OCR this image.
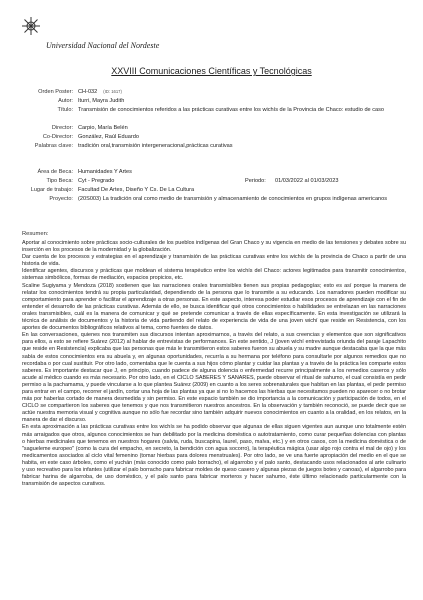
Universidad Nacional del Nordeste
XXVIII Comunicaciones Científicas y Tecnológicas
Orden Poster: CH-032 (ID: 1617)
Autor: Iturri, Mayra Judith
Título: Transmisión de conocimientos referidos a las prácticas curativas entre los wichís de la Provincia de Chaco: estudio de caso
Director: Carpio, María Belén
Co-Director: González, Raúl Eduardo
Palabras clave: tradición oral,transmisión intergeneracional,prácticas curativas
Área de Beca: Humanidades Y Artes
Tipo Beca: Cyt - Pregrado	Periodo: 01/03/2022 al 01/03/2023
Lugar de trabajo: Facultad De Artes, Diseño Y Cs. De La Cultura
Proyecto: (20S003) La tradición oral como medio de transmisión y almacenamiento de conocimientos en grupos indígenas americanos
Resumen:

Aportar al conocimiento sobre prácticas socio-culturales de los pueblos indígenas del Gran Chaco y su vigencia en medio de las tensiones y debates sobre su inserción en los procesos de la modernidad y la globalización.

Dar cuenta de los procesos y estrategias en el aprendizaje y transmisión de las prácticas curativas entre los wichís de la provincia de Chaco a partir de una historia de vida.

Identificar agentes, discursos y prácticas que moldean el sistema terapéutico entre los wichís del Chaco: actores legitimados para transmitir conocimientos, sistemas simbólicos, formas de mediación, espacios propicios, etc.

Scaline Sugiyama y Mendoza (2018) sostienen que las narraciones orales transmisibles tienen sus propias pedagogías; esto es así porque la manera de relatar los conocimientos tendrá su propia particularidad, dependiendo de la persona que lo transmite a su educando. Los narradores pueden modificar su comportamiento para aprender o facilitar el aprendizaje a otras personas. En este aspecto, interesa poder estudiar esos procesos de aprendizaje con el fin de entender el desarrollo de las prácticas curativas. Además de ello, se busca identificar qué otros conocimientos o habilidades se entrelazan en las narraciones orales transmisibles, cuál es la manera de comunicar y qué se pretende comunicar a través de ellas específicamente. En esta investigación se utilizará la técnica de análisis de documentos y la historia de vida partiendo del relato de experiencia de vida de una joven wichí que reside en Resistencia, con los aportes de documentos bibliográficos relativos al tema, como fuentes de datos.

En las conversaciones, quienes nos transmiten sus discursos intentan aproximarnos, a través del relato, a sus creencias y elementos que son significativos para ellos, a esto se refiere Suárez (2012) al hablar de entrevistas de performances. En este sentido, J (joven wichí entrevistada oriunda del paraje Lapachito que reside en Resistencia) explicaba que las personas que más le transmitieron estos saberes fueron su abuela y su madre aunque destacaba que la que más sabía de estos conocimientos era su abuela y, en algunas oportunidades, recurría a su hermana por teléfono para consultarle por algunos remedios que no recordaba o por cual sustituir. Por otro lado, comentaba que le cuenta a sus hijos cómo plantar y cuidar las plantas y a través de la práctica les comparte estos saberes. Es importante destacar que J, en principio, cuando padece de alguna dolencia o enfermedad recurre principalmente a los remedios caseros y sólo acude al médico cuando es más necesario. Por otro lado, en el CICLO SABERES Y SANARES, puede observar el ritual de sahumo, el cual consistía en pedir permiso a la pachamama, y puede vincularse a lo que plantea Suárez (2009) en cuanto a los seres sobrenaturales que habitan en las plantas, el pedir permiso para entrar en el campo, recorrer el jardín, cortar una hoja de las plantas ya que si no lo hacemos las hierbas que necesitamos pueden no aparecer o no brotar más por haberlas cortado de manera desmedida y sin permiso. En este espacio también se dio importancia a la comunicación y participación de todos, en el CICLO se compartieron los saberes que tenemos y que nos transmitieron nuestros ancestros. En la observación y también reconoció, se puede decir que se actúe nuestra memoria visual y cognitiva aunque no sólo fue recordar sino también adquirir nuevos conocimientos en cuanto a la oralidad, en los relatos, en la manera de dar el discurso.

En esta aproximación a las prácticas curativas entre los wichís se ha podido observar que algunas de ellas siguen vigentes aun aunque uno totalmente estén más arraigados que otros, algunos conocimientos se han debilitado por la medicina doméstica o autotratamiento, como curar pequeñas dolencias con plantas o hierbas medicinales que tenemos en nuestros hogares (salvia, ruda, buscapina, laurel, paso, malva, etc.) y en otros casos, con la medicina doméstica o de "sagueleme europeo" (como la cura del empacho, en secreto, la bendición con agua socorro), la terapéutica mágica (usar algo rojo contra el mal de ojo) y los medicamentos asociados al ciclo vital femenino (tomar hierbas para dolores menstruales). Por otro lado, se ve una fuerte apropiación del medio en el que se habita, en este caso árboles, como el yuchán (más conocido como palo borracho), el algarrobo y el palo santo, destacando usos relacionados al arte culinario y uso recreativo para los infantes (utilizar el palo borracho para fabricar moldes de queso casero y algunas piezas de juegos botes y canoas), el algarrobo para fabricar harina de algarroba, de uso doméstico, y el palo santo para fabricar morteros y hacer sahumo, éste último relacionado particularmente con la transmisión de aspectos curativos.
